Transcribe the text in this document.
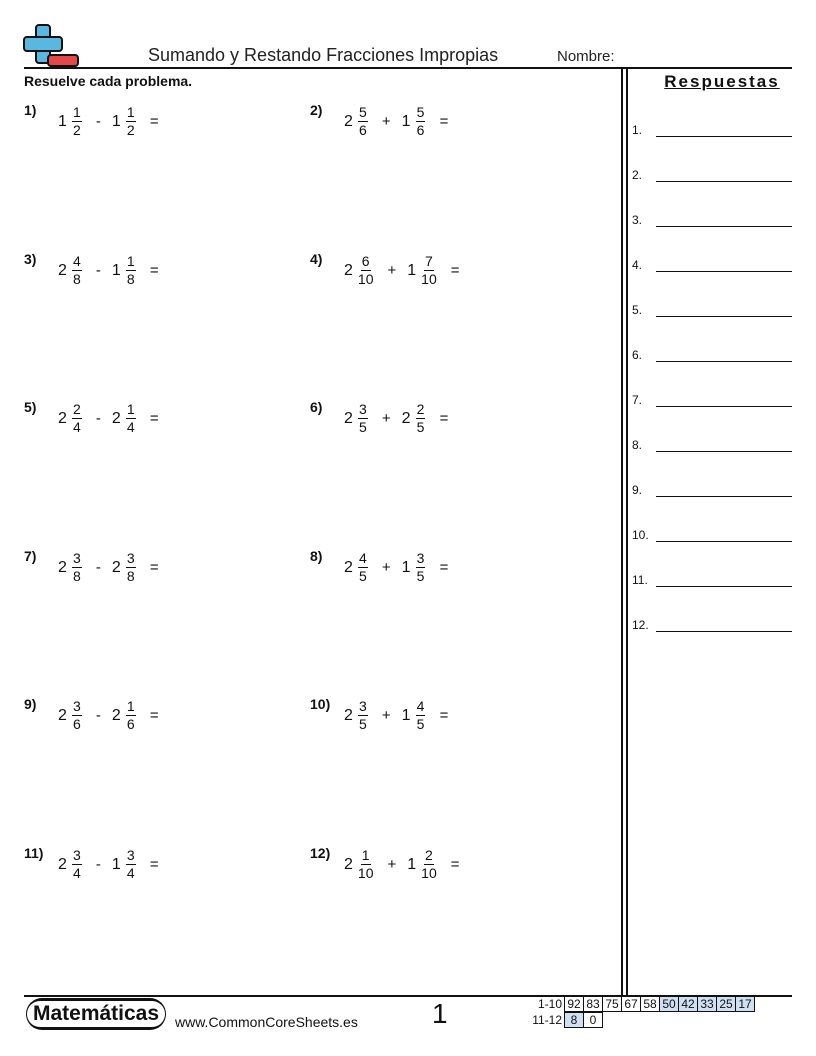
Sumando y Restando Fracciones Impropias	Nombre:
Resuelve cada problema.	Respuestas
1.
2.
3.
4.
5.
6.
7.
8.
9.
10.
11.
12.
1)
$1 \frac{1}{2} - 1 \frac{1}{2}$ =
2)
$2 \frac{5}{6} + 1 \frac{5}{6}$ =
3)
$2 \frac{4}{8} - 1 \frac{1}{8}$ =
4)
$2 \frac{6}{10} + 1 \frac{7}{10}$ =
5)
$2 \frac{2}{4} - 2 \frac{1}{4}$ =
6)
$2 \frac{3}{5} + 2 \frac{2}{5}$ =
7)
$2 \frac{3}{8} - 2 \frac{3}{8}$ =
8)
$2 \frac{4}{5} + 1 \frac{3}{5}$ =
9)
$2 \frac{3}{6} - 2 \frac{1}{6}$ =
10)
$2 \frac{3}{5} + 1 \frac{4}{5}$ =
11)
$2 \frac{3}{4} - 1 \frac{3}{4}$ =
12)
$2 \frac{1}{10} + 1 \frac{2}{10}$ =
Matemáticas	www.CommonCoreSheets.es	1	1-10 92 83 75 67 58 50 42 33 25 17
11-12 8	0
